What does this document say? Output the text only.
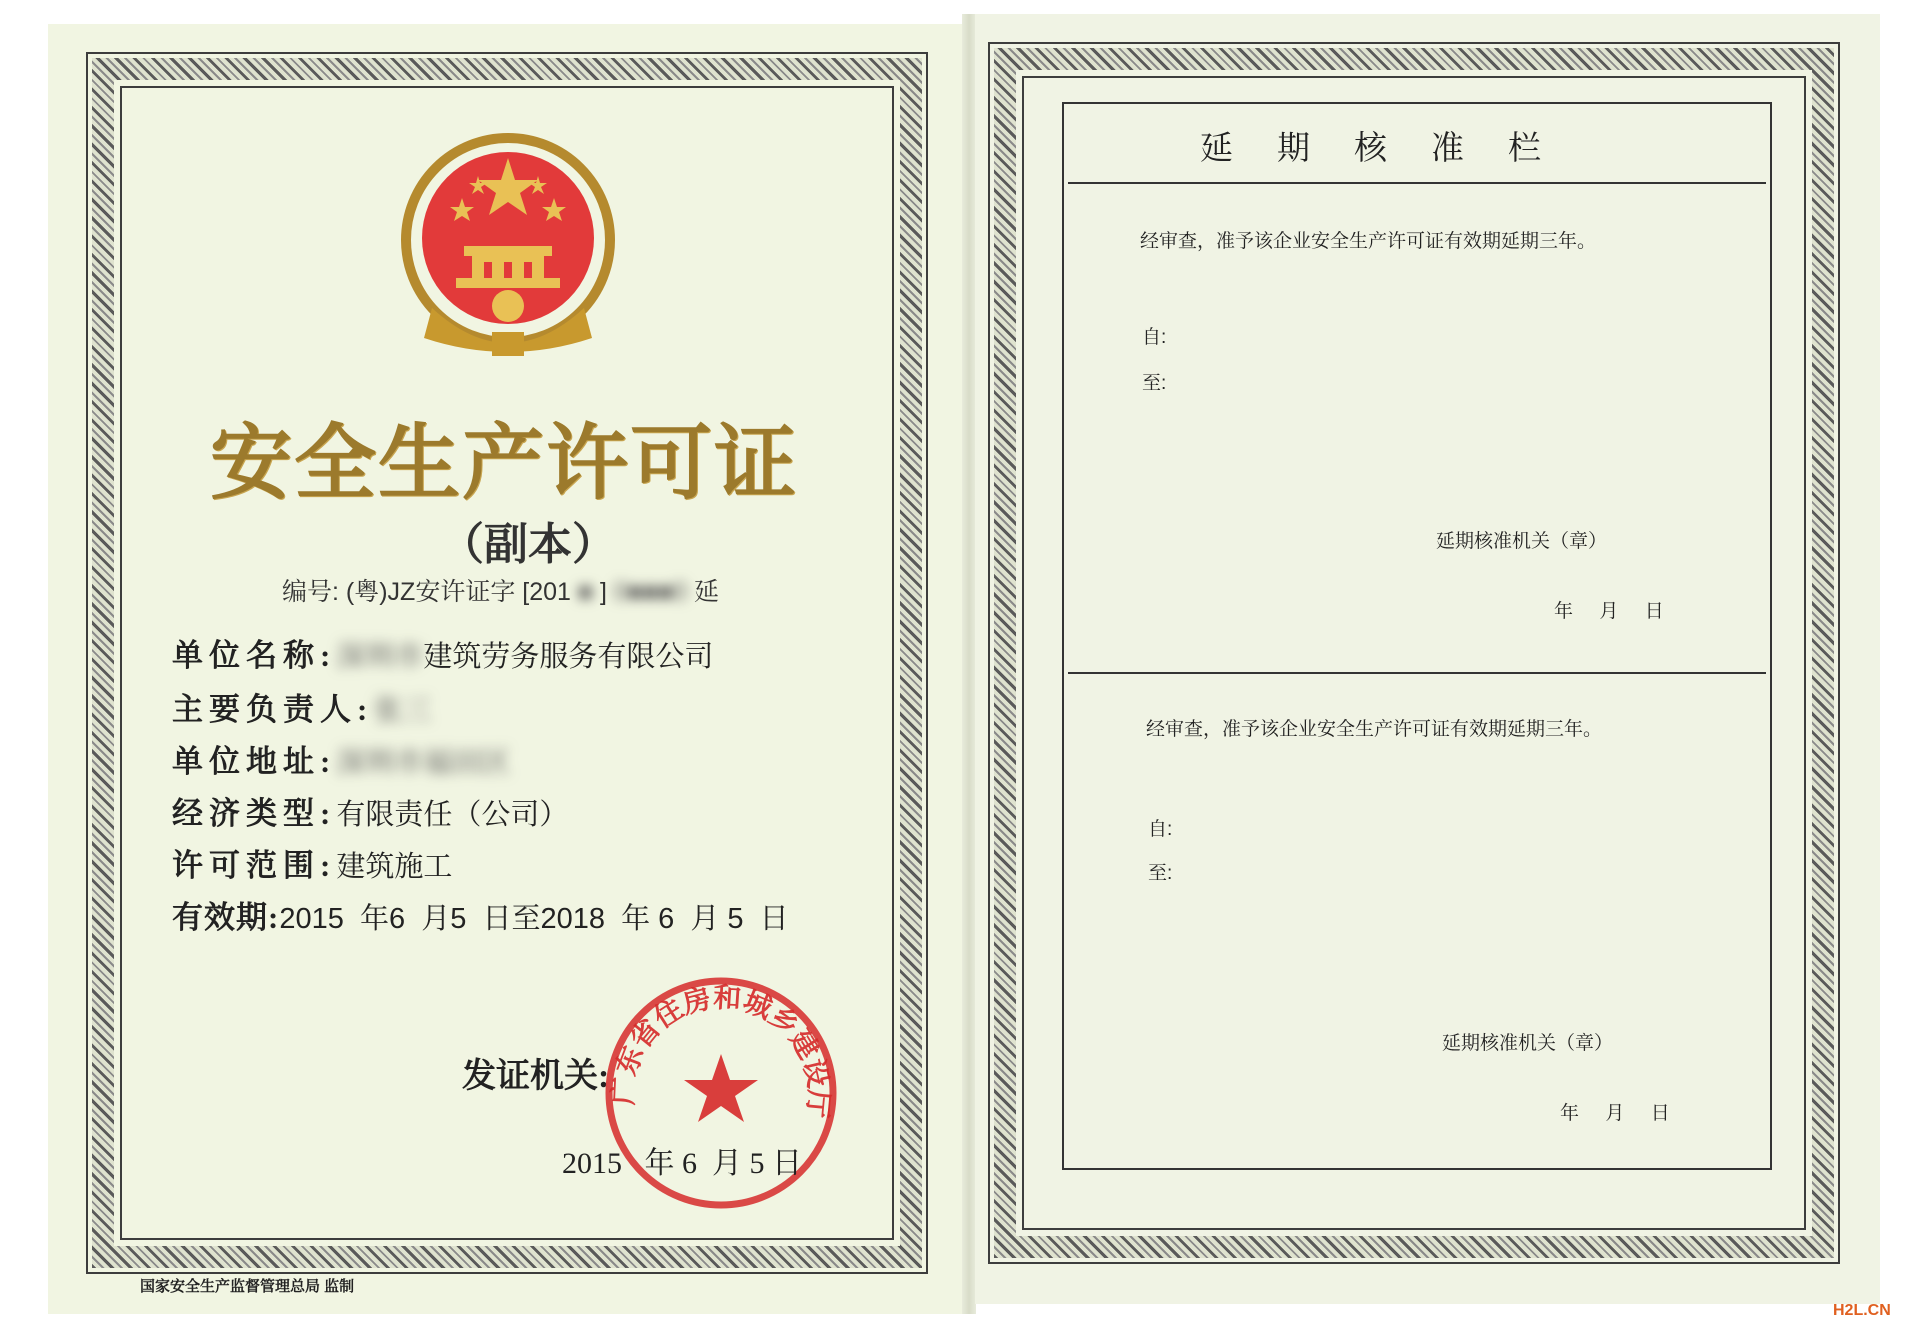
安全生产许可证
（副本）
编号: (粤)JZ安许证字 [201 ■ ] 0■■■0 延
单位名称:深圳市建筑劳务服务有限公司
主要负责人:张三
单位地址:深圳市福田区
经济类型:有限责任（公司）
许可范围:建筑施工
有效期:2015  年6  月5  日至2018  年 6  月 5  日
发证机关:
广东省住房和城乡建设厅
2015   年 6  月 5 日
国家安全生产监督管理总局 监制
延期核准栏
经审查，准予该企业安全生产许可证有效期延期三年。
自:
至:
延期核准机关（章）
年     月     日
经审查，准予该企业安全生产许可证有效期延期三年。
自:
至:
延期核准机关（章）
年     月     日
H2L.CN
